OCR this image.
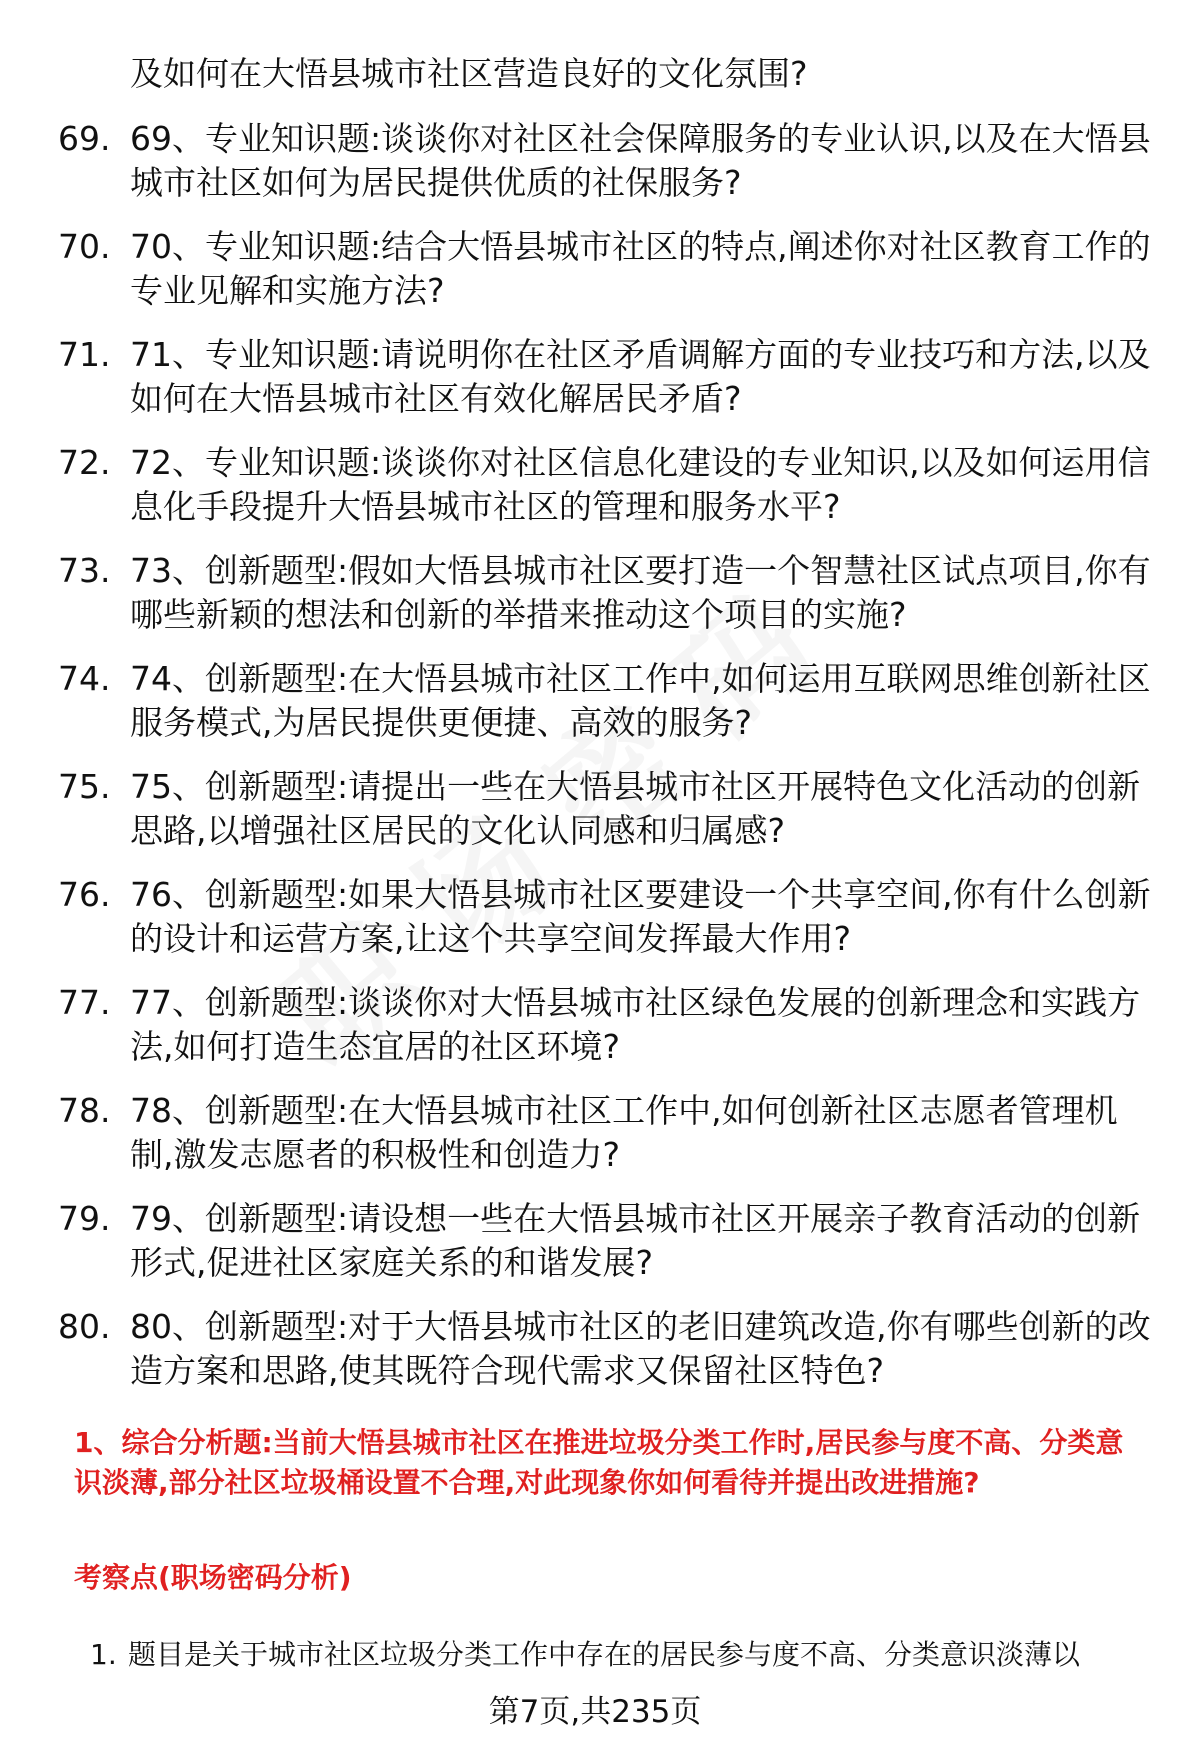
及如何在大悟县城市社区营造良好的文化氛围?
69. 69、专业知识题:谈谈你对社区社会保障服务的专业认识,以及在大悟县城市社区如何为居民提供优质的社保服务?
70. 70、专业知识题:结合大悟县城市社区的特点,阐述你对社区教育工作的专业见解和实施方法?
71. 71、专业知识题:请说明你在社区矛盾调解方面的专业技巧和方法,以及如何在大悟县城市社区有效化解居民矛盾?
72. 72、专业知识题:谈谈你对社区信息化建设的专业知识,以及如何运用信息化手段提升大悟县城市社区的管理和服务水平?
73. 73、创新题型:假如大悟县城市社区要打造一个智慧社区试点项目,你有哪些新颖的想法和创新的举措来推动这个项目的实施?
74. 74、创新题型:在大悟县城市社区工作中,如何运用互联网思维创新社区服务模式,为居民提供更便捷、高效的服务?
75. 75、创新题型:请提出一些在大悟县城市社区开展特色文化活动的创新思路,以增强社区居民的文化认同感和归属感?
76. 76、创新题型:如果大悟县城市社区要建设一个共享空间,你有什么创新的设计和运营方案,让这个共享空间发挥最大作用?
77. 77、创新题型:谈谈你对大悟县城市社区绿色发展的创新理念和实践方法,如何打造生态宜居的社区环境?
78. 78、创新题型:在大悟县城市社区工作中,如何创新社区志愿者管理机制,激发志愿者的积极性和创造力?
79. 79、创新题型:请设想一些在大悟县城市社区开展亲子教育活动的创新形式,促进社区家庭关系的和谐发展?
80. 80、创新题型:对于大悟县城市社区的老旧建筑改造,你有哪些创新的改造方案和思路,使其既符合现代需求又保留社区特色?
1、综合分析题:当前大悟县城市社区在推进垃圾分类工作时,居民参与度不高、分类意识淡薄,部分社区垃圾桶设置不合理,对此现象你如何看待并提出改进措施?
考察点(职场密码分析)
1. 题目是关于城市社区垃圾分类工作中存在的居民参与度不高、分类意识淡薄以
第7页,共235页
